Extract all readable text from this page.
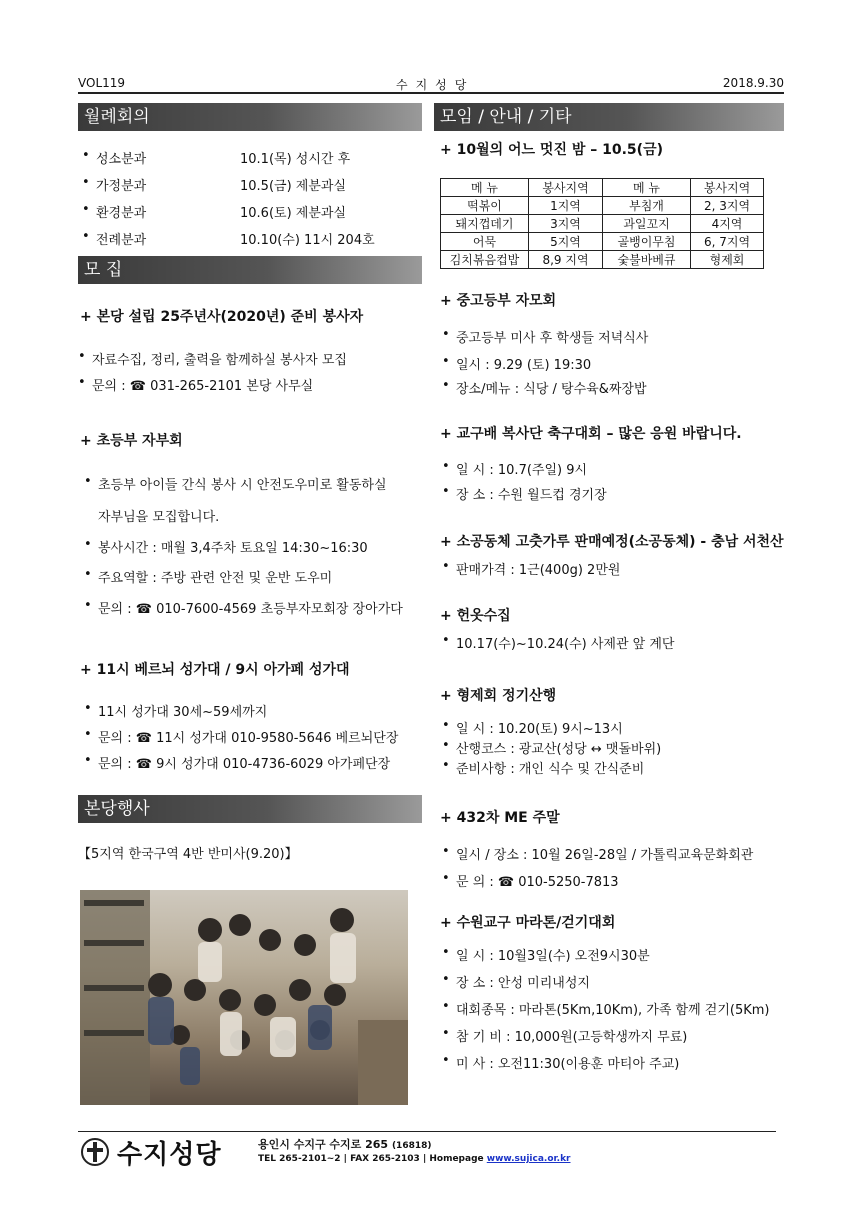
VOL119	수지성당	2018.9.30
월례회의
• 성소분과	10.1(목) 성시간 후
• 가정분과	10.5(금) 제분과실
• 환경분과	10.6(토) 제분과실
• 전례분과	10.10(수) 11시 204호
모 집
+ 본당 설립 25주년사(2020년) 준비 봉사자
• 자료수집, 정리, 출력을 함께하실 봉사자 모집
• 문의 : ☎ 031-265-2101 본당 사무실
+ 초등부 자부회
• 초등부 아이들 간식 봉사 시 안전도우미로 활동하실
자부님을 모집합니다.
• 봉사시간 : 매월 3,4주차 토요일 14:30~16:30
• 주요역할 : 주방 관련 안전 및 운반 도우미
• 문의 : ☎ 010-7600-4569 초등부자모회장 장아가다
+ 11시 베르뇌 성가대 / 9시 아가페 성가대
• 11시 성가대 30세~59세까지
• 문의 : ☎ 11시 성가대 010-9580-5646 베르뇌단장
• 문의 : ☎ 9시 성가대 010-4736-6029 아가페단장
본당행사
【5지역 한국구역 4반 반미사(9.20)】
모임 / 안내 / 기타
+ 10월의 어느 멋진 밤 – 10.5(금)
메 뉴	봉사지역	메 뉴	봉사지역
떡볶이	1지역	부침개	2, 3지역
돼지껍데기	3지역	과일꼬지	4지역
어묵	5지역	골뱅이무침	6, 7지역
김치볶음컵밥	8,9 지역	숯불바베큐	형제회
+ 중고등부 자모회
• 중고등부 미사 후 학생들 저녁식사
• 일시 : 9.29 (토) 19:30
• 장소/메뉴 : 식당 / 탕수육&짜장밥
+ 교구배 복사단 축구대회 – 많은 응원 바랍니다.
• 일 시 : 10.7(주일) 9시
• 장 소 : 수원 월드컵 경기장
+ 소공동체 고춧가루 판매예정(소공동체) - 충남 서천산
• 판매가격 : 1근(400g) 2만원
+ 헌옷수집
• 10.17(수)~10.24(수) 사제관 앞 계단
+ 형제회 정기산행
• 일 시 : 10.20(토) 9시~13시
• 산행코스 : 광교산(성당 ↔ 맷돌바위)
• 준비사항 : 개인 식수 및 간식준비
+ 432차 ME 주말
• 일시 / 장소 : 10월 26일-28일 / 가톨릭교육문화회관
• 문 의 : ☎ 010-5250-7813
+ 수원교구 마라톤/걷기대회
• 일 시 : 10월3일(수) 오전9시30분
• 장 소 : 안성 미리내성지
• 대회종목 : 마라톤(5Km,10Km), 가족 함께 걷기(5Km)
• 참 기 비 : 10,000원(고등학생까지 무료)
• 미 사 : 오전11:30(이용훈 마티아 주교)
수지성당	용인시 수지구 수지로 265 (16818)
TEL 265-2101~2 | FAX 265-2103 | Homepage www.sujica.or.kr
